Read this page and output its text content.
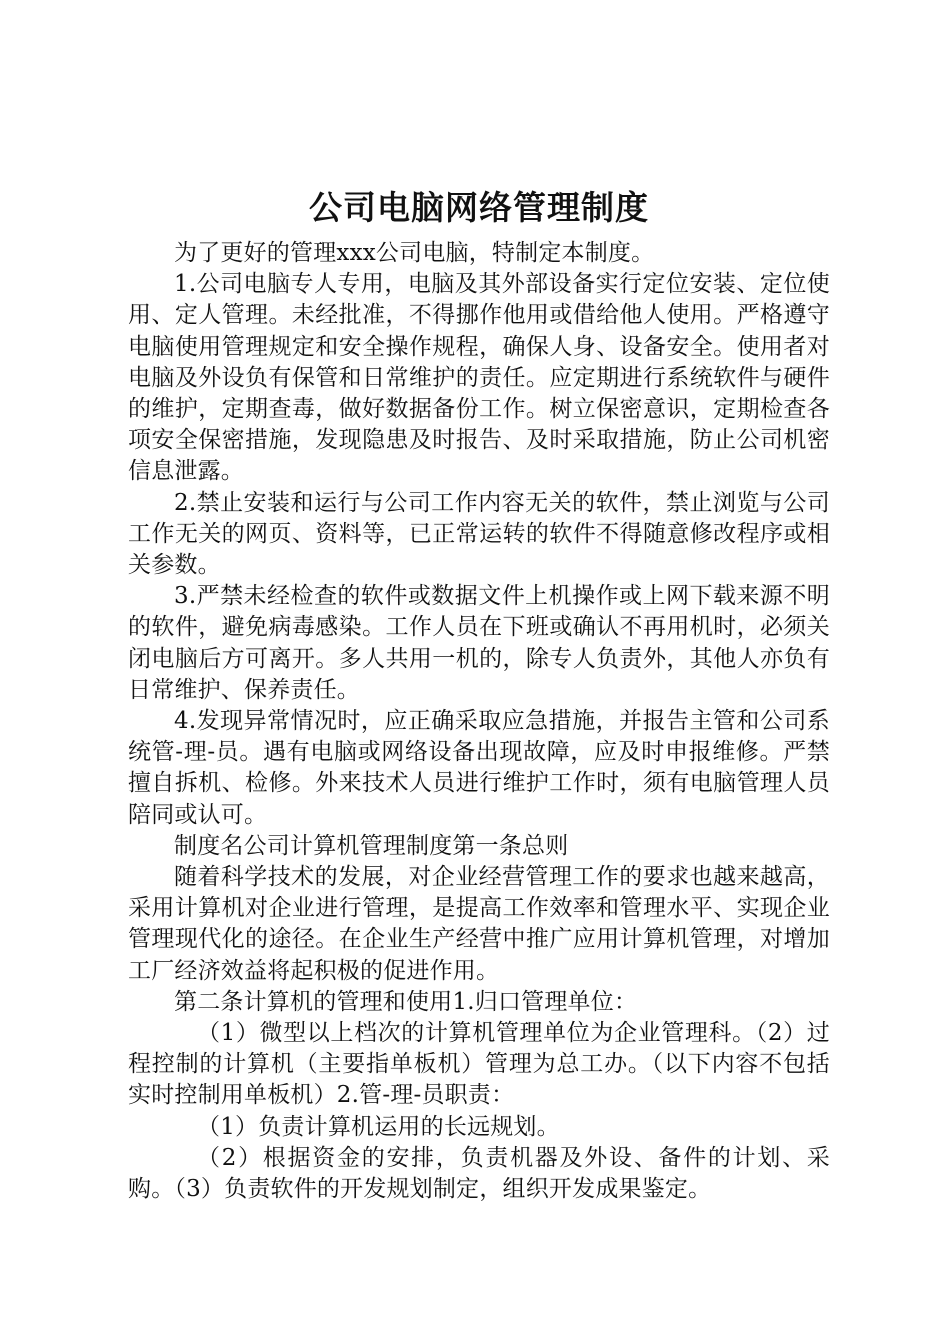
公司电脑网络管理制度

为了更好的管理xxx公司电脑，特制定本制度。

1.公司电脑专人专用，电脑及其外部设备实行定位安装、定位使用、定人管理。未经批准，不得挪作他用或借给他人使用。严格遵守电脑使用管理规定和安全操作规程，确保人身、设备安全。使用者对电脑及外设负有保管和日常维护的责任。应定期进行系统软件与硬件的维护，定期查毒，做好数据备份工作。树立保密意识，定期检查各项安全保密措施，发现隐患及时报告、及时采取措施，防止公司机密信息泄露。

2.禁止安装和运行与公司工作内容无关的软件，禁止浏览与公司工作无关的网页、资料等，已正常运转的软件不得随意修改程序或相关参数。

3.严禁未经检查的软件或数据文件上机操作或上网下载来源不明的软件，避免病毒感染。工作人员在下班或确认不再用机时，必须关闭电脑后方可离开。多人共用一机的，除专人负责外，其他人亦负有日常维护、保养责任。

4.发现异常情况时，应正确采取应急措施，并报告主管和公司系统管-理-员。遇有电脑或网络设备出现故障，应及时申报维修。严禁擅自拆机、检修。外来技术人员进行维护工作时，须有电脑管理人员陪同或认可。

制度名公司计算机管理制度第一条总则

随着科学技术的发展，对企业经营管理工作的要求也越来越高，采用计算机对企业进行管理，是提高工作效率和管理水平、实现企业管理现代化的途径。在企业生产经营中推广应用计算机管理，对增加工厂经济效益将起积极的促进作用。

第二条计算机的管理和使用1.归口管理单位：

（1）微型以上档次的计算机管理单位为企业管理科。（2）过程控制的计算机（主要指单板机）管理为总工办。（以下内容不包括实时控制用单板机）2.管-理-员职责：

（1）负责计算机运用的长远规划。

（2）根据资金的安排，负责机器及外设、备件的计划、采购。（3）负责软件的开发规划制定，组织开发成果鉴定。
